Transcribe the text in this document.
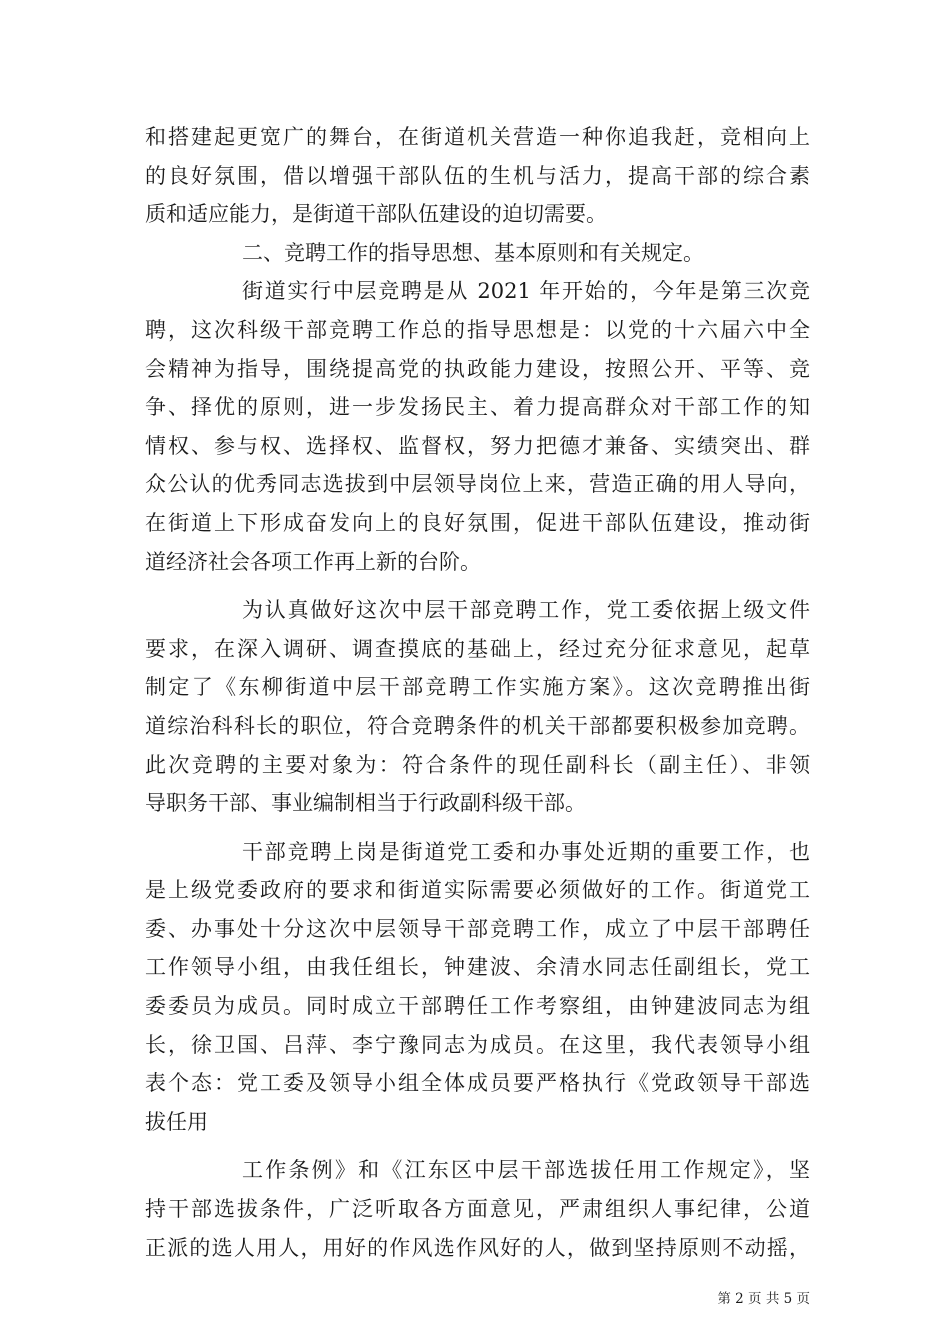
和搭建起更宽广的舞台，在街道机关营造一种你追我赶，竞相向上
的良好氛围，借以增强干部队伍的生机与活力，提高干部的综合素
质和适应能力，是街道干部队伍建设的迫切需要。
二、竞聘工作的指导思想、基本原则和有关规定。
街道实行中层竞聘是从 2021 年开始的，今年是第三次竞
聘，这次科级干部竞聘工作总的指导思想是：以党的十六届六中全
会精神为指导，围绕提高党的执政能力建设，按照公开、平等、竞
争、择优的原则，进一步发扬民主、着力提高群众对干部工作的知
情权、参与权、选择权、监督权，努力把德才兼备、实绩突出、群
众公认的优秀同志选拔到中层领导岗位上来，营造正确的用人导向，
在街道上下形成奋发向上的良好氛围，促进干部队伍建设，推动街
道经济社会各项工作再上新的台阶。
为认真做好这次中层干部竞聘工作，党工委依据上级文件
要求，在深入调研、调查摸底的基础上，经过充分征求意见，起草
制定了《东柳街道中层干部竞聘工作实施方案》。这次竞聘推出街
道综治科科长的职位，符合竞聘条件的机关干部都要积极参加竞聘。
此次竞聘的主要对象为：符合条件的现任副科长（副主任）、非领
导职务干部、事业编制相当于行政副科级干部。
干部竞聘上岗是街道党工委和办事处近期的重要工作，也
是上级党委政府的要求和街道实际需要必须做好的工作。街道党工
委、办事处十分这次中层领导干部竞聘工作，成立了中层干部聘任
工作领导小组，由我任组长，钟建波、余清水同志任副组长，党工
委委员为成员。同时成立干部聘任工作考察组，由钟建波同志为组
长，徐卫国、吕萍、李宁豫同志为成员。在这里，我代表领导小组
表个态：党工委及领导小组全体成员要严格执行《党政领导干部选
拔任用
工作条例》和《江东区中层干部选拔任用工作规定》，坚
持干部选拔条件，广泛听取各方面意见，严肃组织人事纪律，公道
正派的选人用人，用好的作风选作风好的人，做到坚持原则不动摇，
第 2 页 共 5 页
